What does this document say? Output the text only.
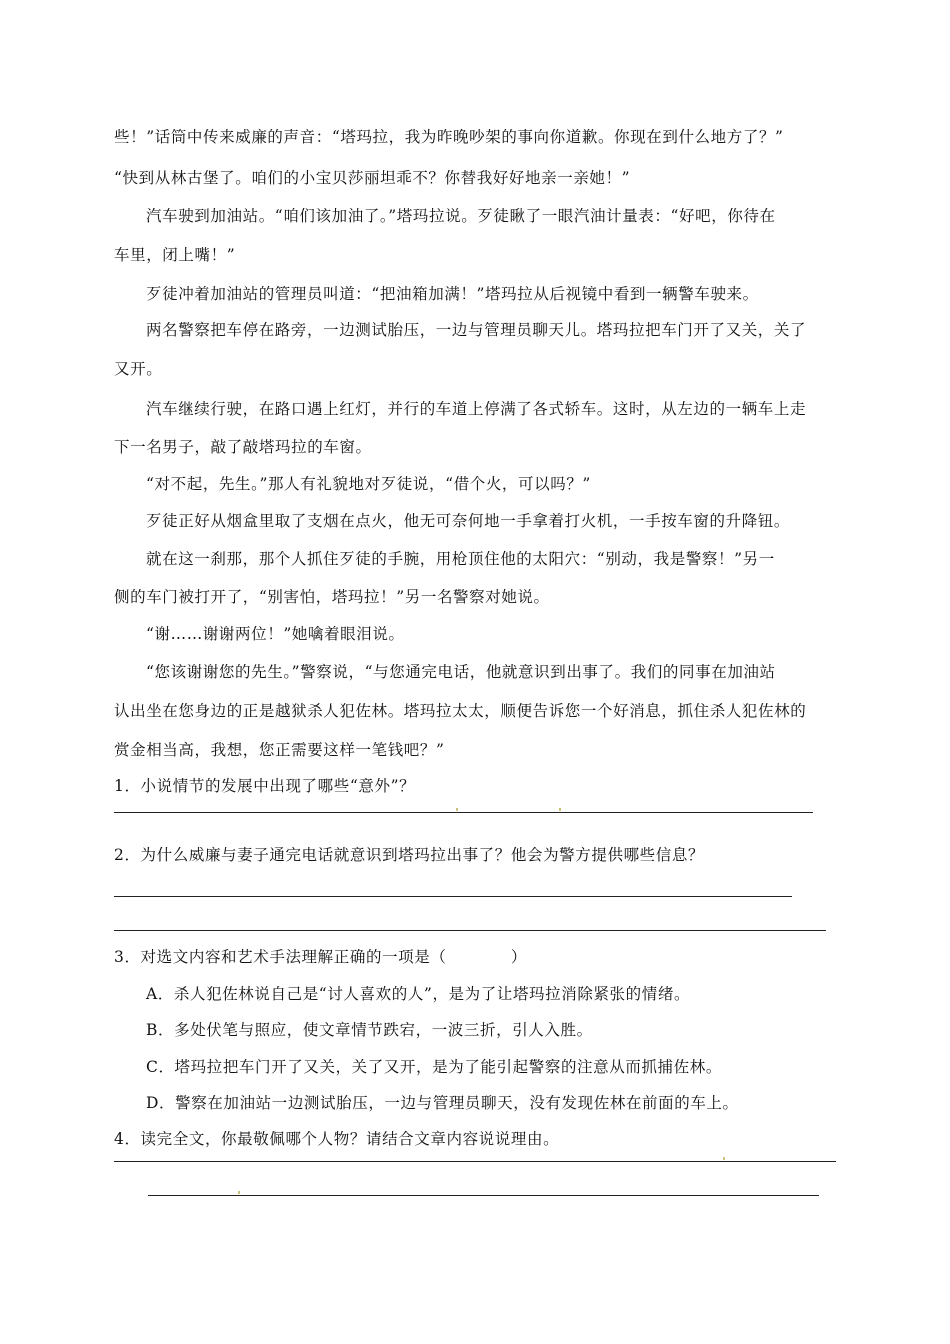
些！”话筒中传来威廉的声音：“塔玛拉，我为昨晚吵架的事向你道歉。你现在到什么地方了？”
“快到从林古堡了。咱们的小宝贝莎丽坦乖不？你替我好好地亲一亲她！”
汽车驶到加油站。“咱们该加油了。”塔玛拉说。歹徒瞅了一眼汽油计量表：“好吧，你待在
车里，闭上嘴！”
歹徒冲着加油站的管理员叫道：“把油箱加满！”塔玛拉从后视镜中看到一辆警车驶来。
两名警察把车停在路旁，一边测试胎压，一边与管理员聊天儿。塔玛拉把车门开了又关，关了
又开。
汽车继续行驶，在路口遇上红灯，并行的车道上停满了各式轿车。这时，从左边的一辆车上走
下一名男子，敲了敲塔玛拉的车窗。
“对不起，先生。”那人有礼貌地对歹徒说，“借个火，可以吗？”
歹徒正好从烟盒里取了支烟在点火，他无可奈何地一手拿着打火机，一手按车窗的升降钮。
就在这一刹那，那个人抓住歹徒的手腕，用枪顶住他的太阳穴：“别动，我是警察！”另一
侧的车门被打开了，“别害怕，塔玛拉！”另一名警察对她说。
“谢……谢谢两位！”她噙着眼泪说。
“您该谢谢您的先生。”警察说，“与您通完电话，他就意识到出事了。我们的同事在加油站
认出坐在您身边的正是越狱杀人犯佐林。塔玛拉太太，顺便告诉您一个好消息，抓住杀人犯佐林的
赏金相当高，我想，您正需要这样一笔钱吧？”
1．小说情节的发展中出现了哪些“意外”？
2．为什么威廉与妻子通完电话就意识到塔玛拉出事了？他会为警方提供哪些信息？
3．对选文内容和艺术手法理解正确的一项是（　　　　）
A．杀人犯佐林说自己是“讨人喜欢的人”，是为了让塔玛拉消除紧张的情绪。
B．多处伏笔与照应，使文章情节跌宕，一波三折，引人入胜。
C．塔玛拉把车门开了又关，关了又开，是为了能引起警察的注意从而抓捕佐林。
D．警察在加油站一边测试胎压，一边与管理员聊天，没有发现佐林在前面的车上。
4．读完全文，你最敬佩哪个人物？请结合文章内容说说理由。
